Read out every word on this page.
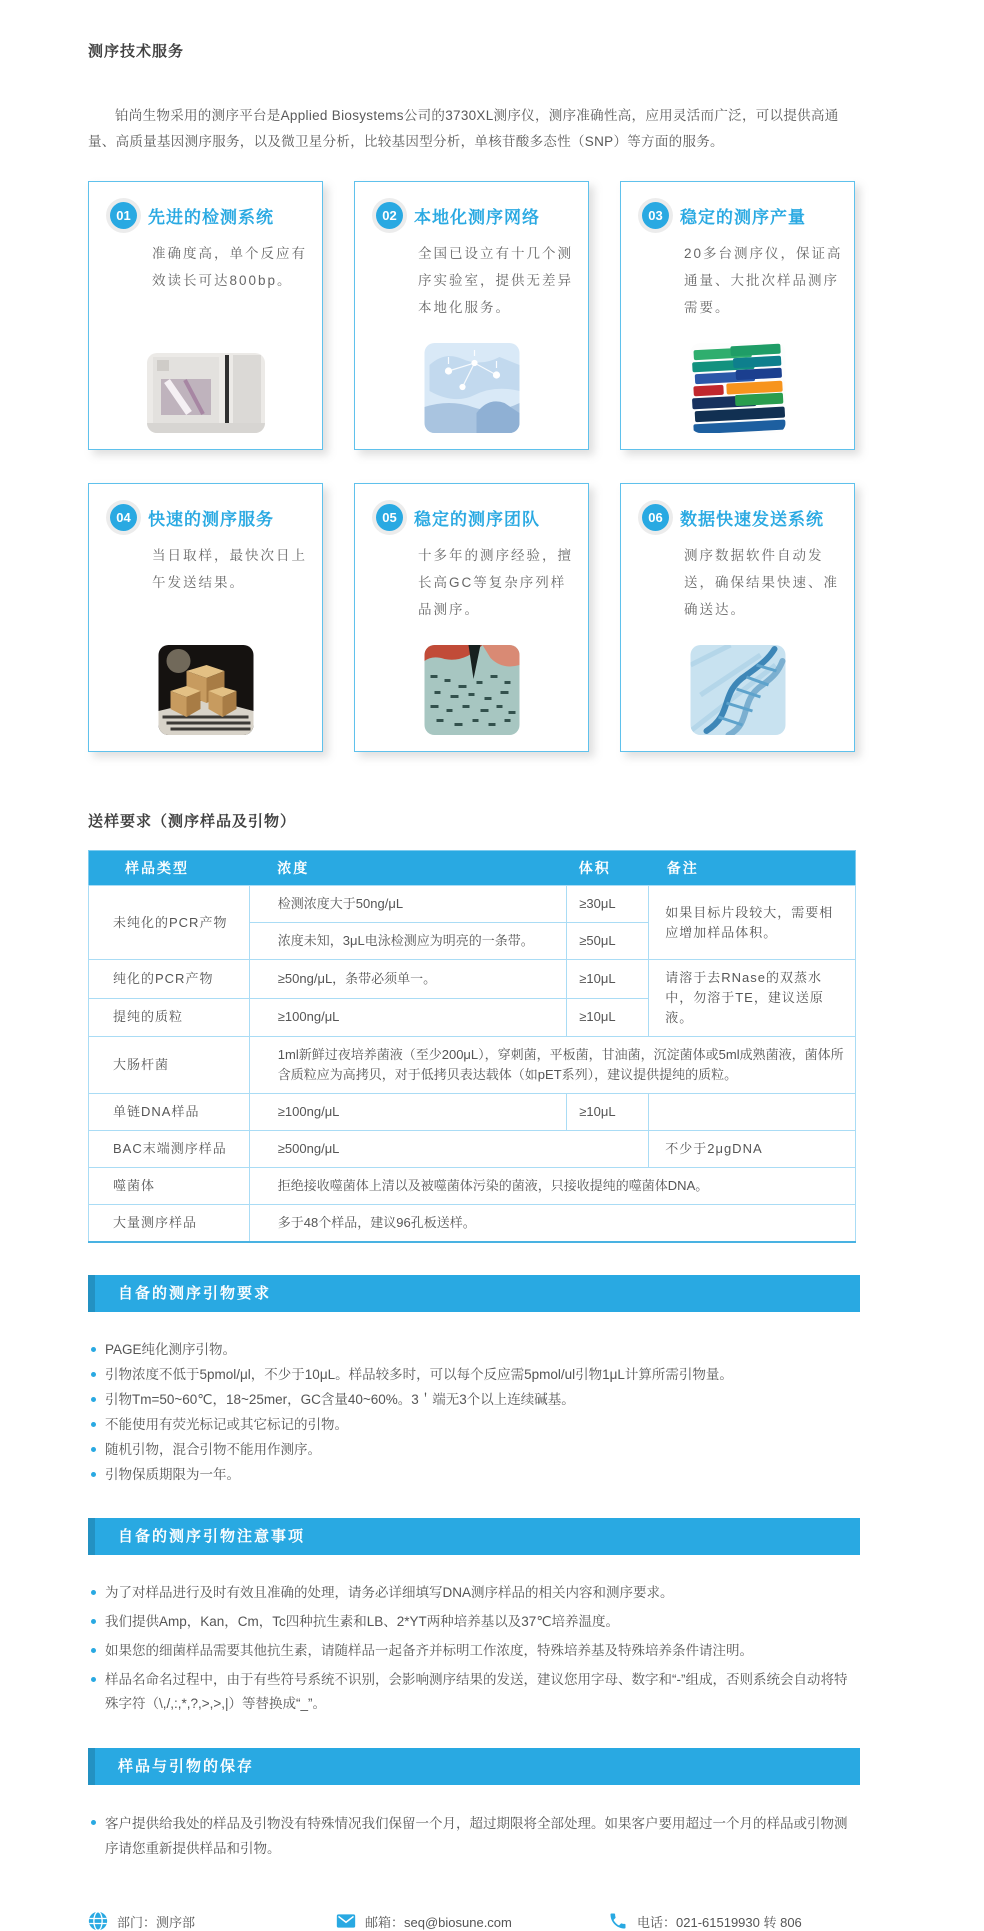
测序技术服务

铂尚生物采用的测序平台是Applied Biosystems公司的3730XL测序仪，测序准确性高，应用灵活而广泛，可以提供高通量、高质量基因测序服务，以及微卫星分析，比较基因型分析，单核苷酸多态性（SNP）等方面的服务。

01	先进的检测系统
准确度高，单个反应有效读长可达800bp。
02	本地化测序网络
全国已设立有十几个测序实验室，提供无差异本地化服务。
03	稳定的测序产量
20多台测序仪，保证高通量、大批次样品测序需要。
04	快速的测序服务
当日取样，最快次日上午发送结果。
05	稳定的测序团队
十多年的测序经验，擅长高GC等复杂序列样品测序。
06	数据快速发送系统
测序数据软件自动发送，确保结果快速、准确送达。
送样要求（测序样品及引物）
样品类型	浓度	体积	备注
未纯化的PCR产物	检测浓度大于50ng/μL	≥30μL	如果目标片段较大，需要相应增加样品体积。
	浓度未知，3μL电泳检测应为明亮的一条带。	≥50μL	
纯化的PCR产物	≥50ng/μL，条带必须单一。	≥10μL	请溶于去RNase的双蒸水中，勿溶于TE，建议送原液。
提纯的质粒	≥100ng/μL	≥10μL	
大肠杆菌	1ml新鲜过夜培养菌液（至少200μL），穿刺菌，平板菌，甘油菌，沉淀菌体或5ml成熟菌液，菌体所含质粒应为高拷贝，对于低拷贝表达载体（如pET系列），建议提供提纯的质粒。		
单链DNA样品	≥100ng/μL	≥10μL	
BAC末端测序样品	≥500ng/μL		不少于2μgDNA
噬菌体	拒绝接收噬菌体上清以及被噬菌体污染的菌液，只接收提纯的噬菌体DNA。		
大量测序样品	多于48个样品，建议96孔板送样。		
自备的测序引物要求
PAGE纯化测序引物。
引物浓度不低于5pmol/μl，不少于10μL。样品较多时，可以每个反应需5pmol/ul引物1μL计算所需引物量。
引物Tm=50~60℃，18~25mer，GC含量40~60%。3＇端无3个以上连续碱基。
不能使用有荧光标记或其它标记的引物。
随机引物，混合引物不能用作测序。
引物保质期限为一年。
自备的测序引物注意事项
为了对样品进行及时有效且准确的处理，请务必详细填写DNA测序样品的相关内容和测序要求。
我们提供Amp，Kan，Cm，Tc四种抗生素和LB、2*YT两种培养基以及37℃培养温度。
如果您的细菌样品需要其他抗生素，请随样品一起备齐并标明工作浓度，特殊培养基及特殊培养条件请注明。
样品名命名过程中，由于有些符号系统不识别，会影响测序结果的发送，建议您用字母、数字和“-”组成，否则系统会自动将特殊字符（\,/,:,*,?,>,>,|）等替换成“_”。
样品与引物的保存
客户提供给我处的样品及引物没有特殊情况我们保留一个月，超过期限将全部处理。如果客户要用超过一个月的样品或引物测序请您重新提供样品和引物。
部门：测序部	邮箱：seq@biosune.com	电话：021-61519930 转 806
